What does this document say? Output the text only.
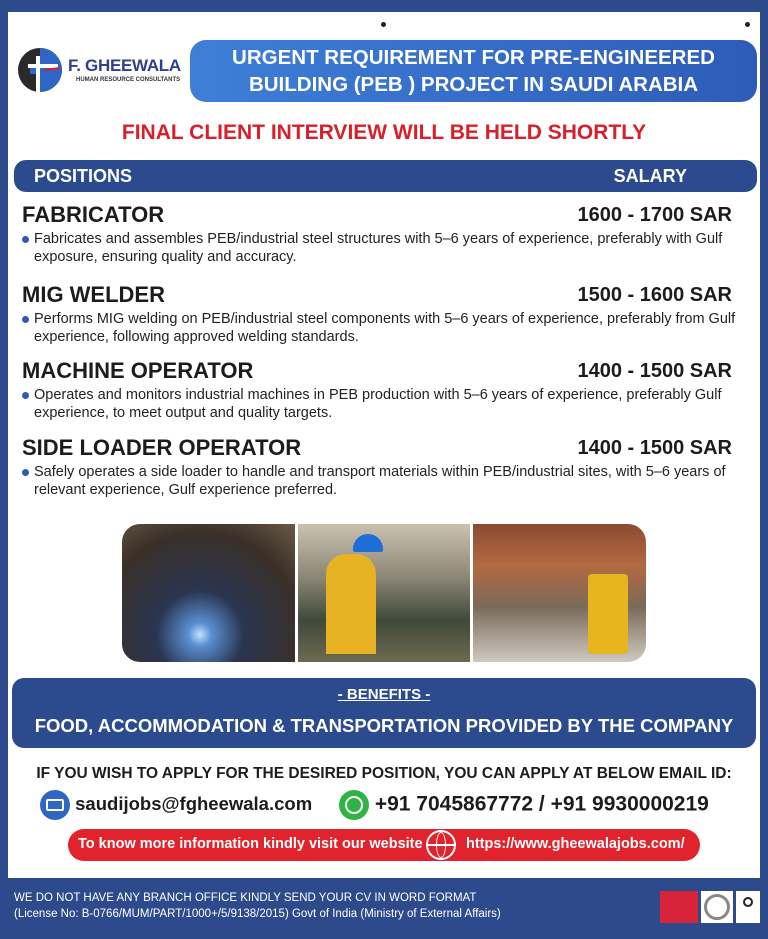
F. GHEEWALA
HUMAN RESOURCE CONSULTANTS
URGENT REQUIREMENT FOR PRE-ENGINEERED
BUILDING (PEB ) PROJECT IN SAUDI ARABIA
FINAL CLIENT INTERVIEW WILL BE HELD SHORTLY
POSITIONS	SALARY
FABRICATOR	1600 - 1700 SAR
Fabricates and assembles PEB/industrial steel structures with 5–6 years of experience, preferably with Gulf exposure, ensuring quality and accuracy.
MIG WELDER	1500 - 1600 SAR
Performs MIG welding on PEB/industrial steel components with 5–6 years of experience, preferably from Gulf experience, following approved welding standards.
MACHINE OPERATOR	1400 - 1500 SAR
Operates and monitors industrial machines in PEB production with 5–6 years of experience, preferably Gulf experience, to meet output and quality targets.
SIDE LOADER OPERATOR	1400 - 1500 SAR
Safely operates a side loader to handle and transport materials within PEB/industrial sites, with 5–6 years of relevant experience, Gulf experience preferred.
- BENEFITS -
FOOD, ACCOMMODATION & TRANSPORTATION PROVIDED BY THE COMPANY
IF YOU WISH TO APPLY FOR THE DESIRED POSITION, YOU CAN APPLY AT BELOW EMAIL ID:
saudijobs@fgheewala.com	+91 7045867772 / +91 9930000219
To know more information kindly visit our website	https://www.gheewalajobs.com/
WE DO NOT HAVE ANY BRANCH OFFICE KINDLY SEND YOUR CV IN WORD FORMAT
(License No: B-0766/MUM/PART/1000+/5/9138/2015) Govt of India (Ministry of External Affairs)
